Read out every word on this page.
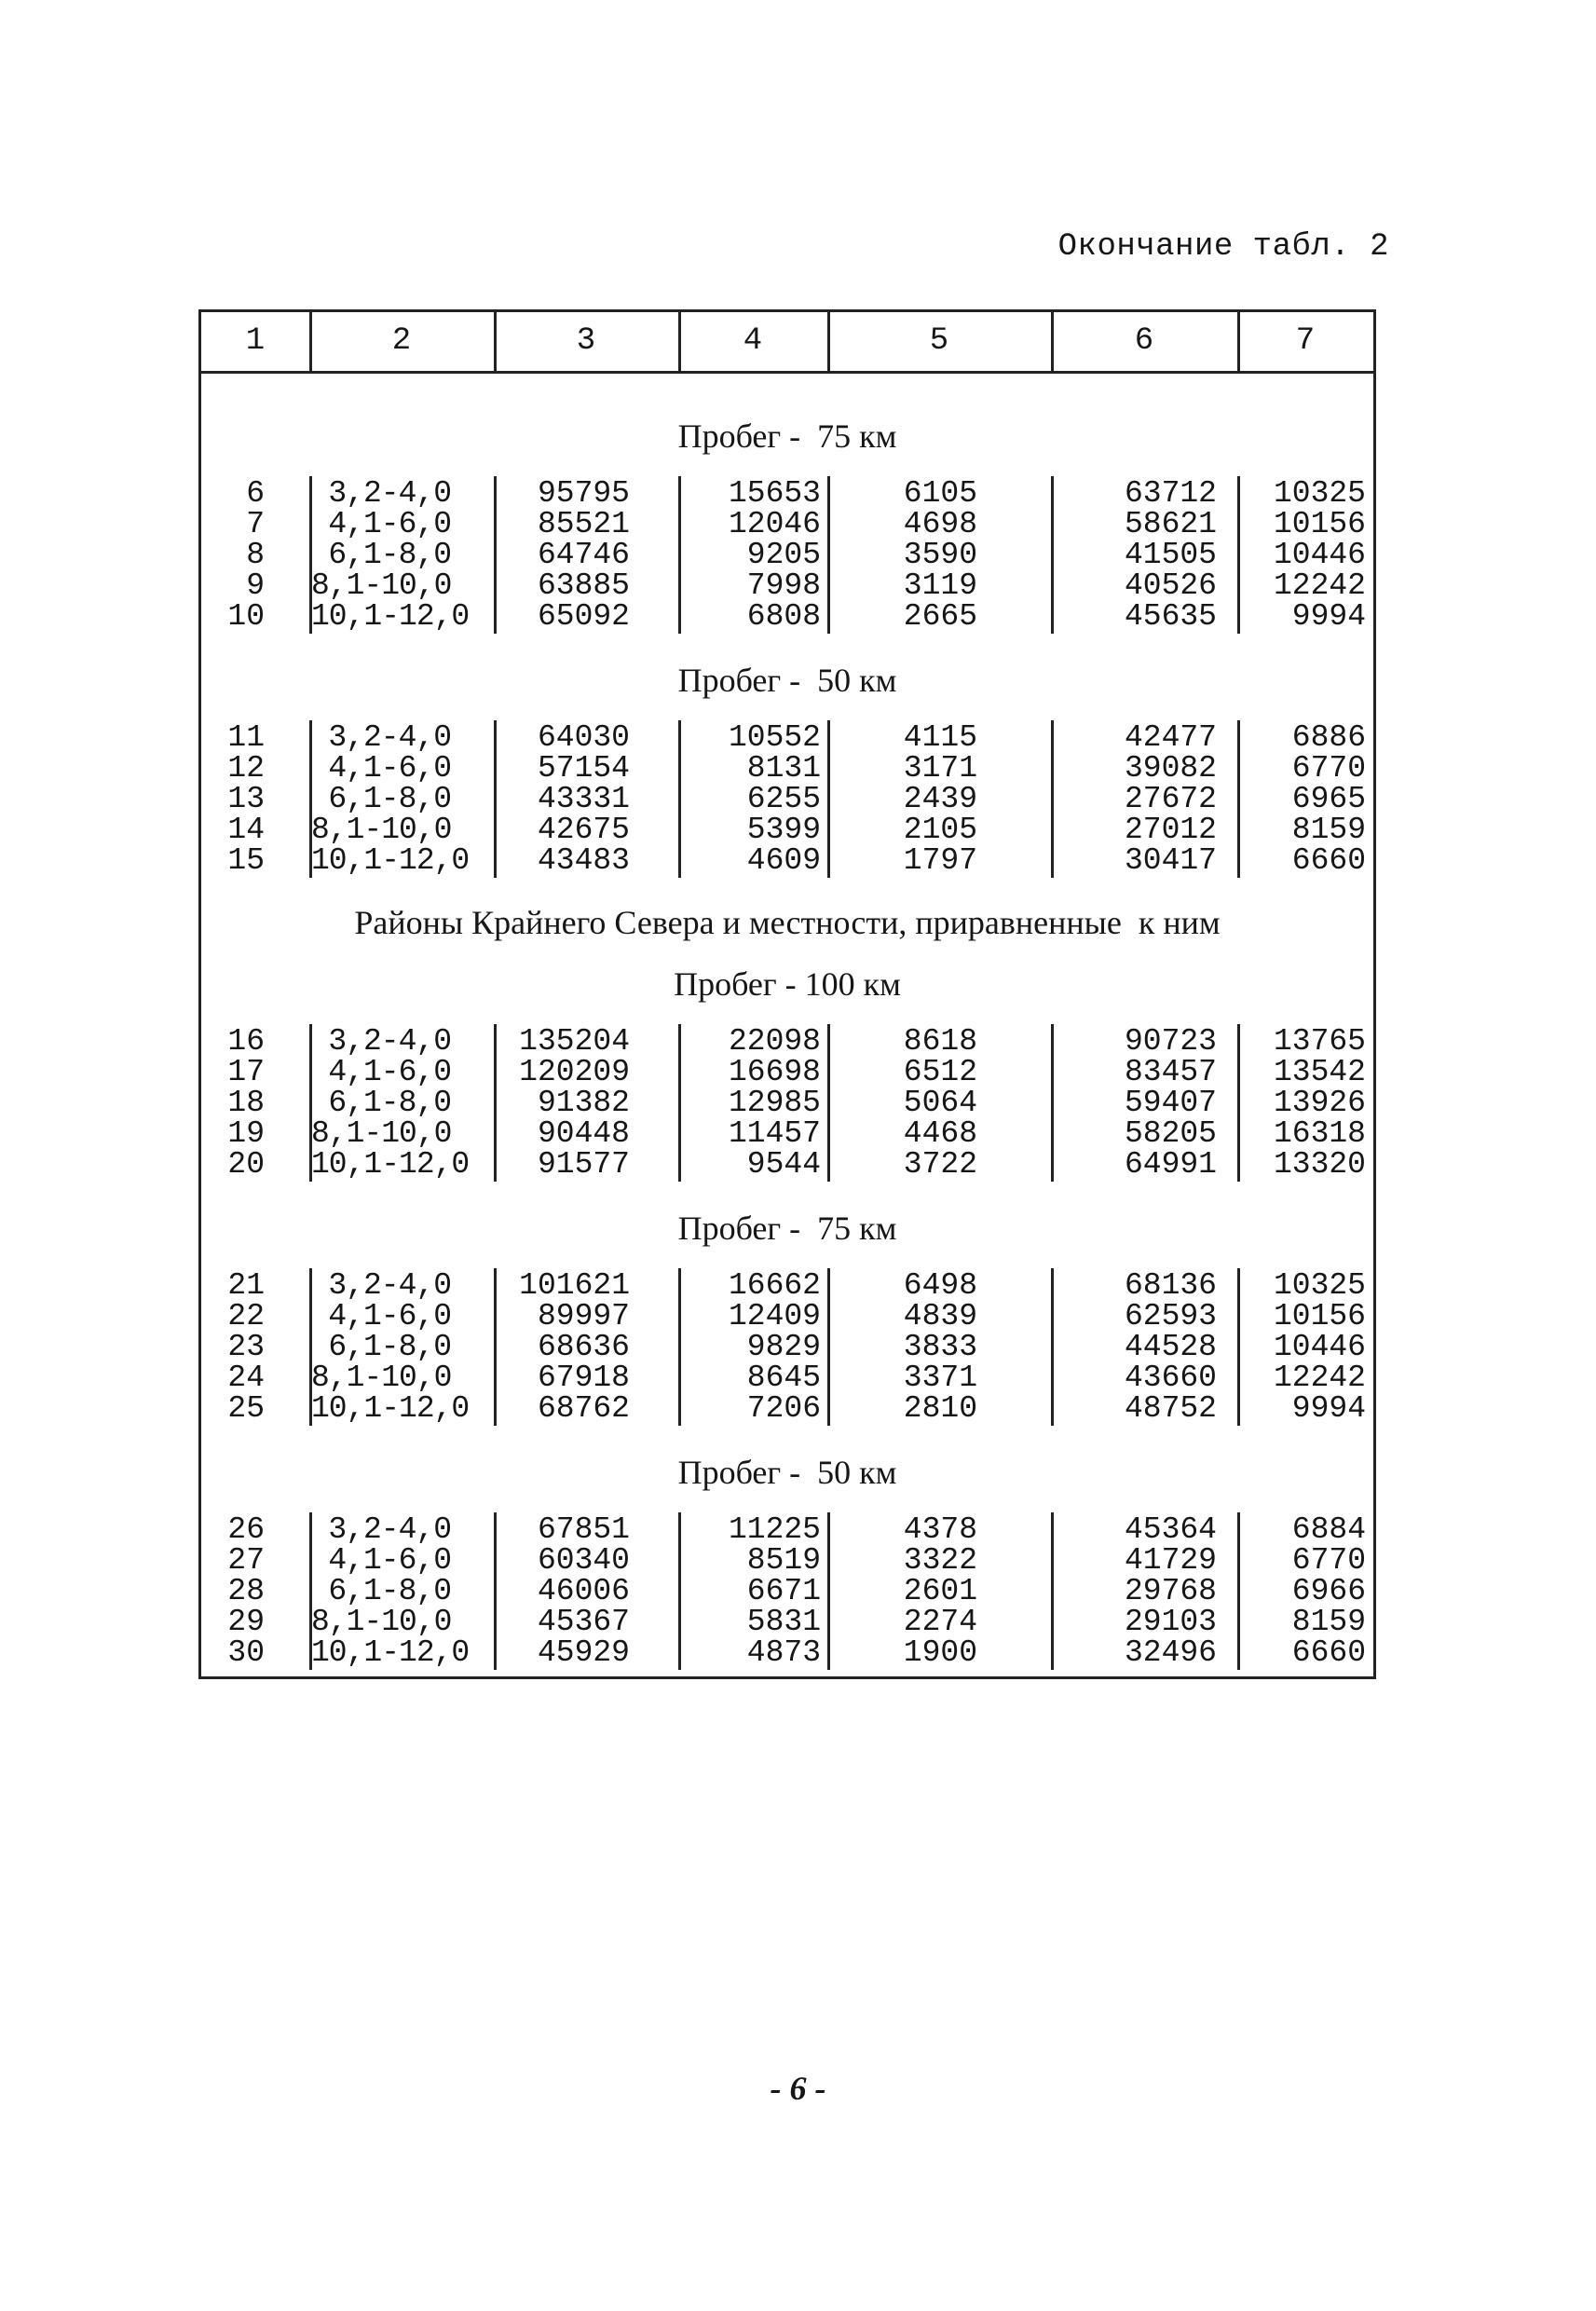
Окончание табл. 2
1	2	3	4	5	6	7
Пробег -  75 км
6	3,2-4,0	95795	15653	6105	63712	10325
7	4,1-6,0	85521	12046	4698	58621	10156
8	6,1-8,0	64746	9205	3590	41505	10446
9 8,1-10,0	63885	7998	3119	40526	12242
10 10,1-12,0	65092	6808	2665	45635	9994
Пробег -  50 км
11	3,2-4,0	64030	10552	4115	42477	6886
12	4,1-6,0	57154	8131	3171	39082	6770
13	6,1-8,0	43331	6255	2439	27672	6965
14 8,1-10,0	42675	5399	2105	27012	8159
15 10,1-12,0	43483	4609	1797	30417	6660
Пробег - 100 км
16	3,2-4,0	135204	22098	8618	90723	13765
17	4,1-6,0	120209	16698	6512	83457	13542
18	6,1-8,0	91382	12985	5064	59407	13926
19 8,1-10,0	90448	11457	4468	58205	16318
20 10,1-12,0	91577	9544	3722	64991	13320
Пробег -  75 км
21	3,2-4,0	101621	16662	6498	68136	10325
22	4,1-6,0	89997	12409	4839	62593	10156
23	6,1-8,0	68636	9829	3833	44528	10446
24 8,1-10,0	67918	8645	3371	43660	12242
25 10,1-12,0	68762	7206	2810	48752	9994
Пробег -  50 км
26	3,2-4,0	67851	11225	4378	45364	6884
27	4,1-6,0	60340	8519	3322	41729	6770
28	6,1-8,0	46006	6671	2601	29768	6966
29 8,1-10,0	45367	5831	2274	29103	8159
30 10,1-12,0	45929	4873	1900	32496	6660
Районы Крайнего Севера и местности, приравненные  к ним
- 6 -
